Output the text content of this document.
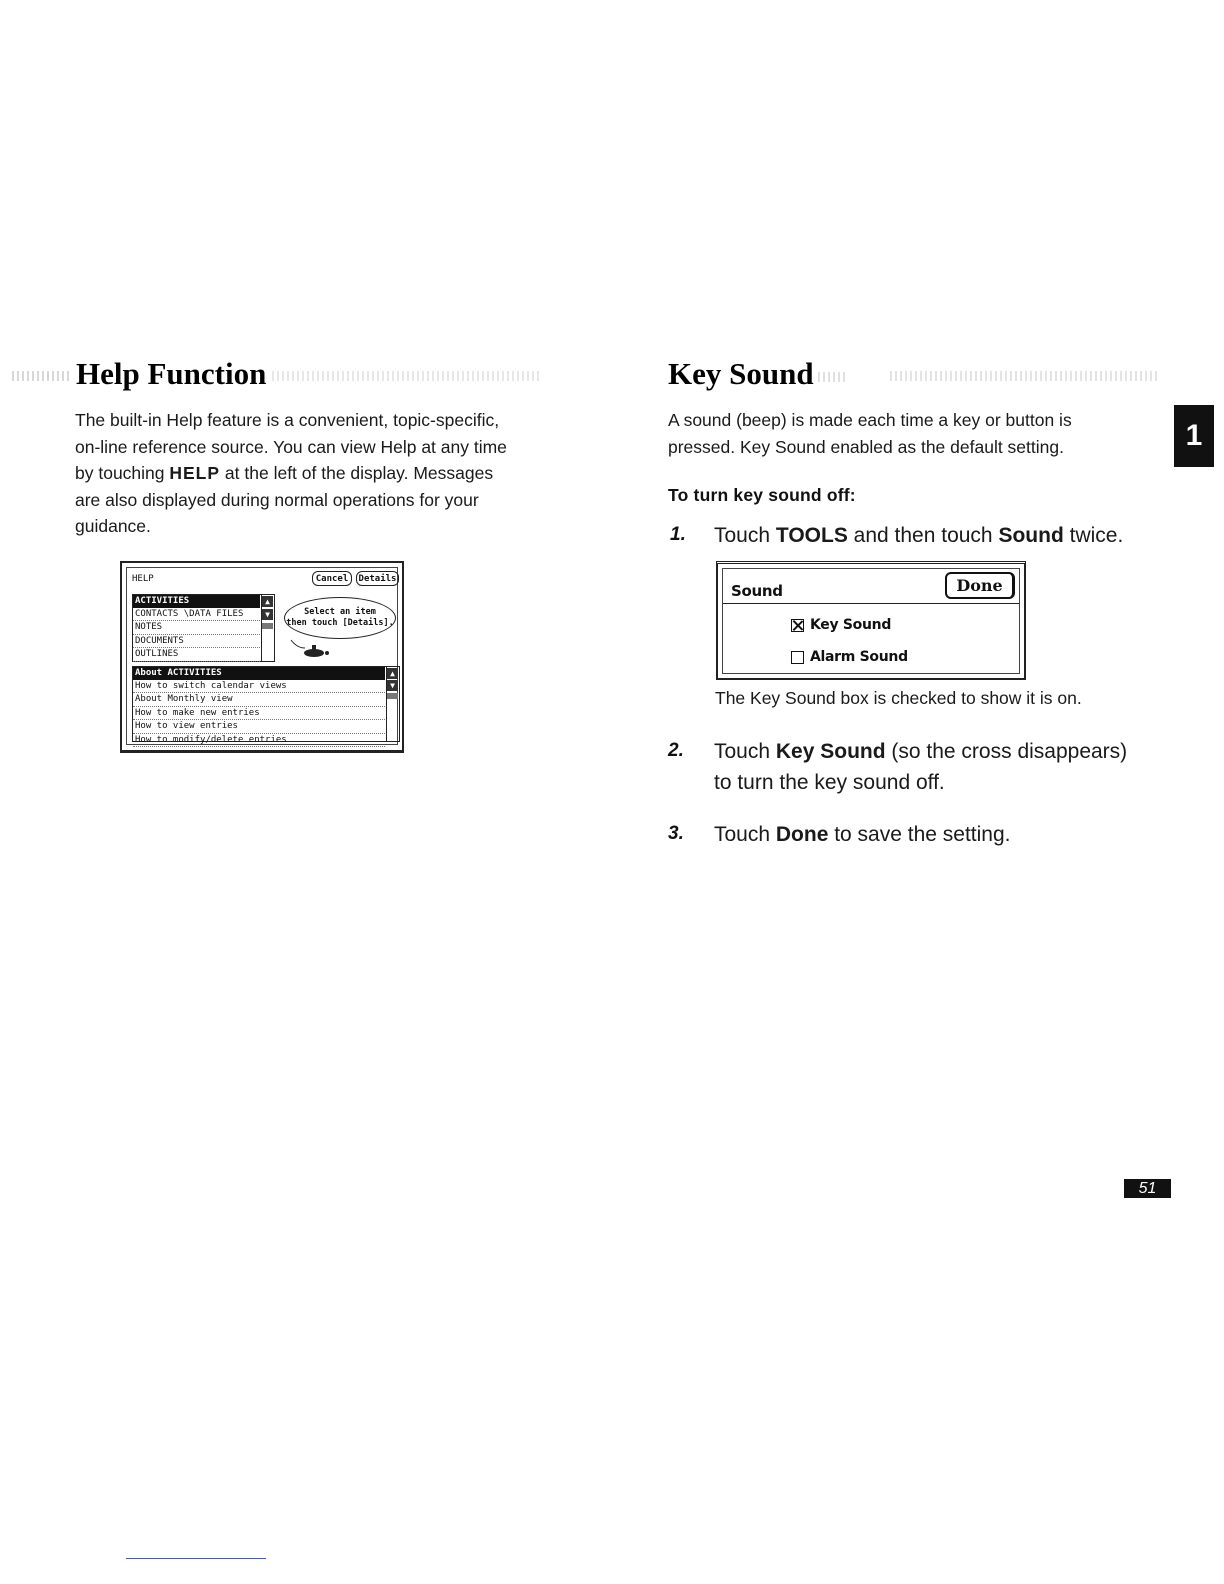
Help Function
The built-in Help feature is a convenient, topic-specific,
on-line reference source. You can view Help at any time
by touching HELP at the left of the display. Messages
are also displayed during normal operations for your
guidance.
HELP	Cancel	Details
ACTIVITIES
CONTACTS \DATA FILES
NOTES
DOCUMENTS
OUTLINES
▲
▼	Select an item
then touch [Details].
About ACTIVITIES
How to switch calendar views
About Monthly view
How to make new entries
How to view entries
How to modify/delete entries
▲
▼
Key Sound
A sound (beep) is made each time a key or button is
pressed. Key Sound enabled as the default setting.
To turn key sound off:
1. Touch TOOLS and then touch Sound twice.
Sound	Done
Key Sound
Alarm Sound
The Key Sound box is checked to show it is on.
2. Touch Key Sound (so the cross disappears)
to turn the key sound off.
3. Touch Done to save the setting.
1
51
